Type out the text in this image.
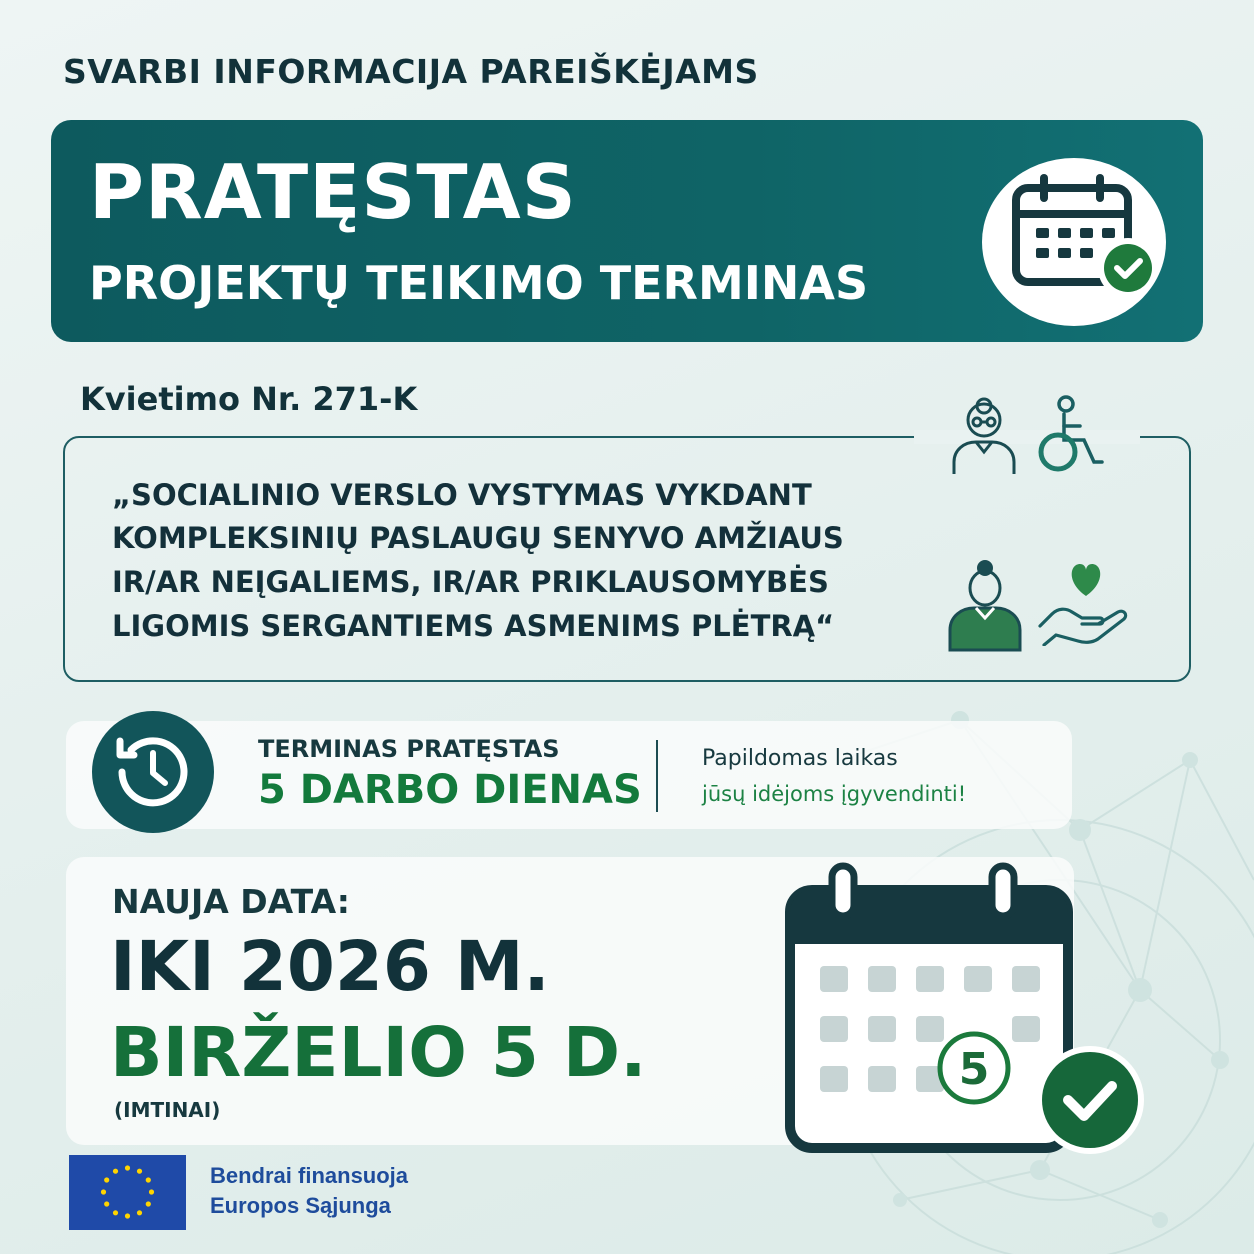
SVARBI INFORMACIJA PAREIŠKĖJAMS
PRATĘSTAS
PROJEKTŲ TEIKIMO TERMINAS
Kvietimo Nr. 271-K
„SOCIALINIO VERSLO VYSTYMAS VYKDANT
KOMPLEKSINIŲ PASLAUGŲ SENYVO AMŽIAUS
IR/AR NEĮGALIEMS, IR/AR PRIKLAUSOMYBĖS
LIGOMIS SERGANTIEMS ASMENIMS PLĖTRĄ“
TERMINAS PRATĘSTAS
5 DARBO DIENAS
Papildomas laikas
jūsų idėjoms įgyvendinti!
NAUJA DATA:
IKI 2026 M.
BIRŽELIO 5 D.
(IMTINAI)
5
Bendrai finansuoja
Europos Sąjunga
